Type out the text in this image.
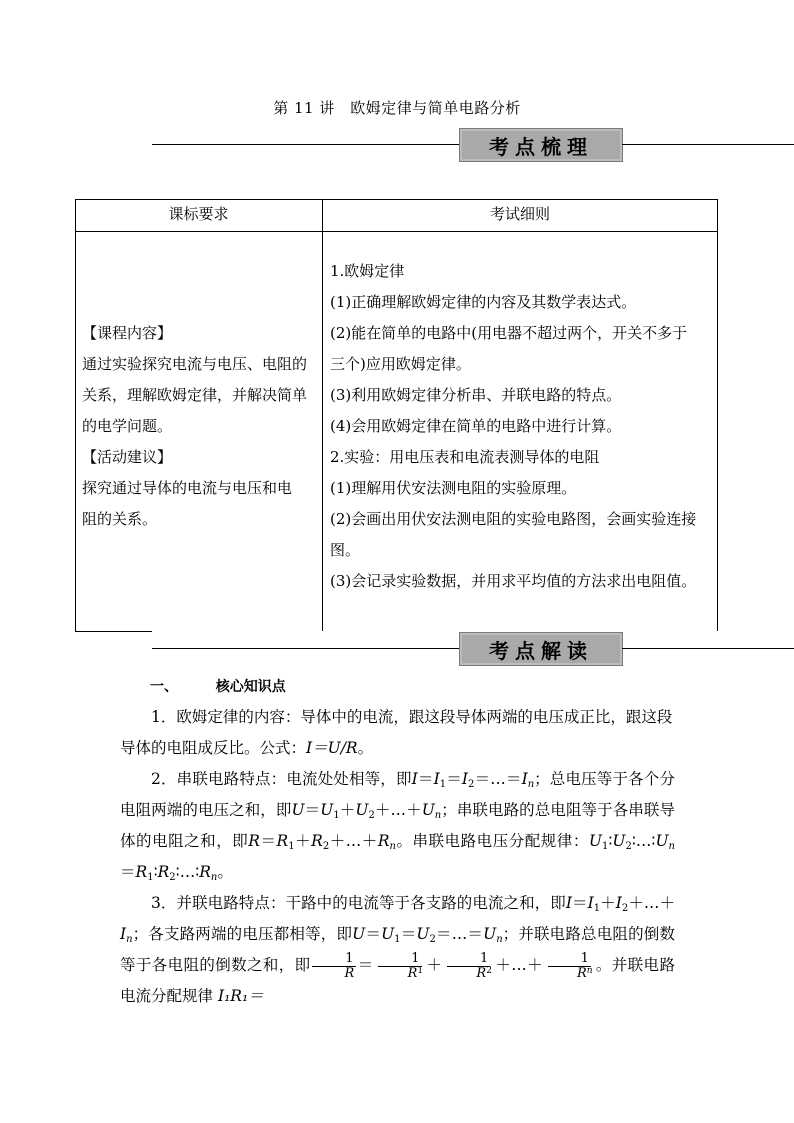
第 11 讲　欧姆定律与简单电路分析
考点梳理
课标要求	考试细则
【课程内容】
通过实验探究电流与电压、电阻的
关系，理解欧姆定律，并解决简单
的电学问题。
【活动建议】
探究通过导体的电流与电压和电
阻的关系。
1.欧姆定律
(1)正确理解欧姆定律的内容及其数学表达式。
(2)能在简单的电路中(用电器不超过两个，开关不多于
三个)应用欧姆定律。
(3)利用欧姆定律分析串、并联电路的特点。
(4)会用欧姆定律在简单的电路中进行计算。
2.实验：用电压表和电流表测导体的电阻
(1)理解用伏安法测电阻的实验原理。
(2)会画出用伏安法测电阻的实验电路图，会画实验连接
图。
(3)会记录实验数据，并用求平均值的方法求出电阻值。
考点解读
一、	核心知识点
1．欧姆定律的内容：导体中的电流，跟这段导体两端的电压成正比，跟这段导体的电阻成反比。公式：I＝U/R。
2．串联电路特点：电流处处相等，即$I=I_1=I_2=\dots=I_n$；总电压等于各个分电阻两端的电压之和，即$U=U_1+U_2+\dots+U_n$；串联电路的总电阻等于各串联导体的电阻之和，即$R=R_1+R_2+\dots+R_n$。串联电路电压分配规律：$U_1∶U_2∶\dots∶U_n=R_1∶R_2∶\dots∶R_n$。
3．并联电路特点：干路中的电流等于各支路的电流之和，即$I=I_1+I_2+\dots+I_n$；各支路两端的电压都相等，即$U=U_1=U_2=\dots=U_n$；并联电路总电阻的倒数等于各电阻的倒数之和，即 $\frac{1}{R} = \frac{1}{R^1} + \frac{1}{R^2}$ ＋…＋ $\frac{1}{R^n}$ 。并联电路电流分配规律 I₁R₁＝
